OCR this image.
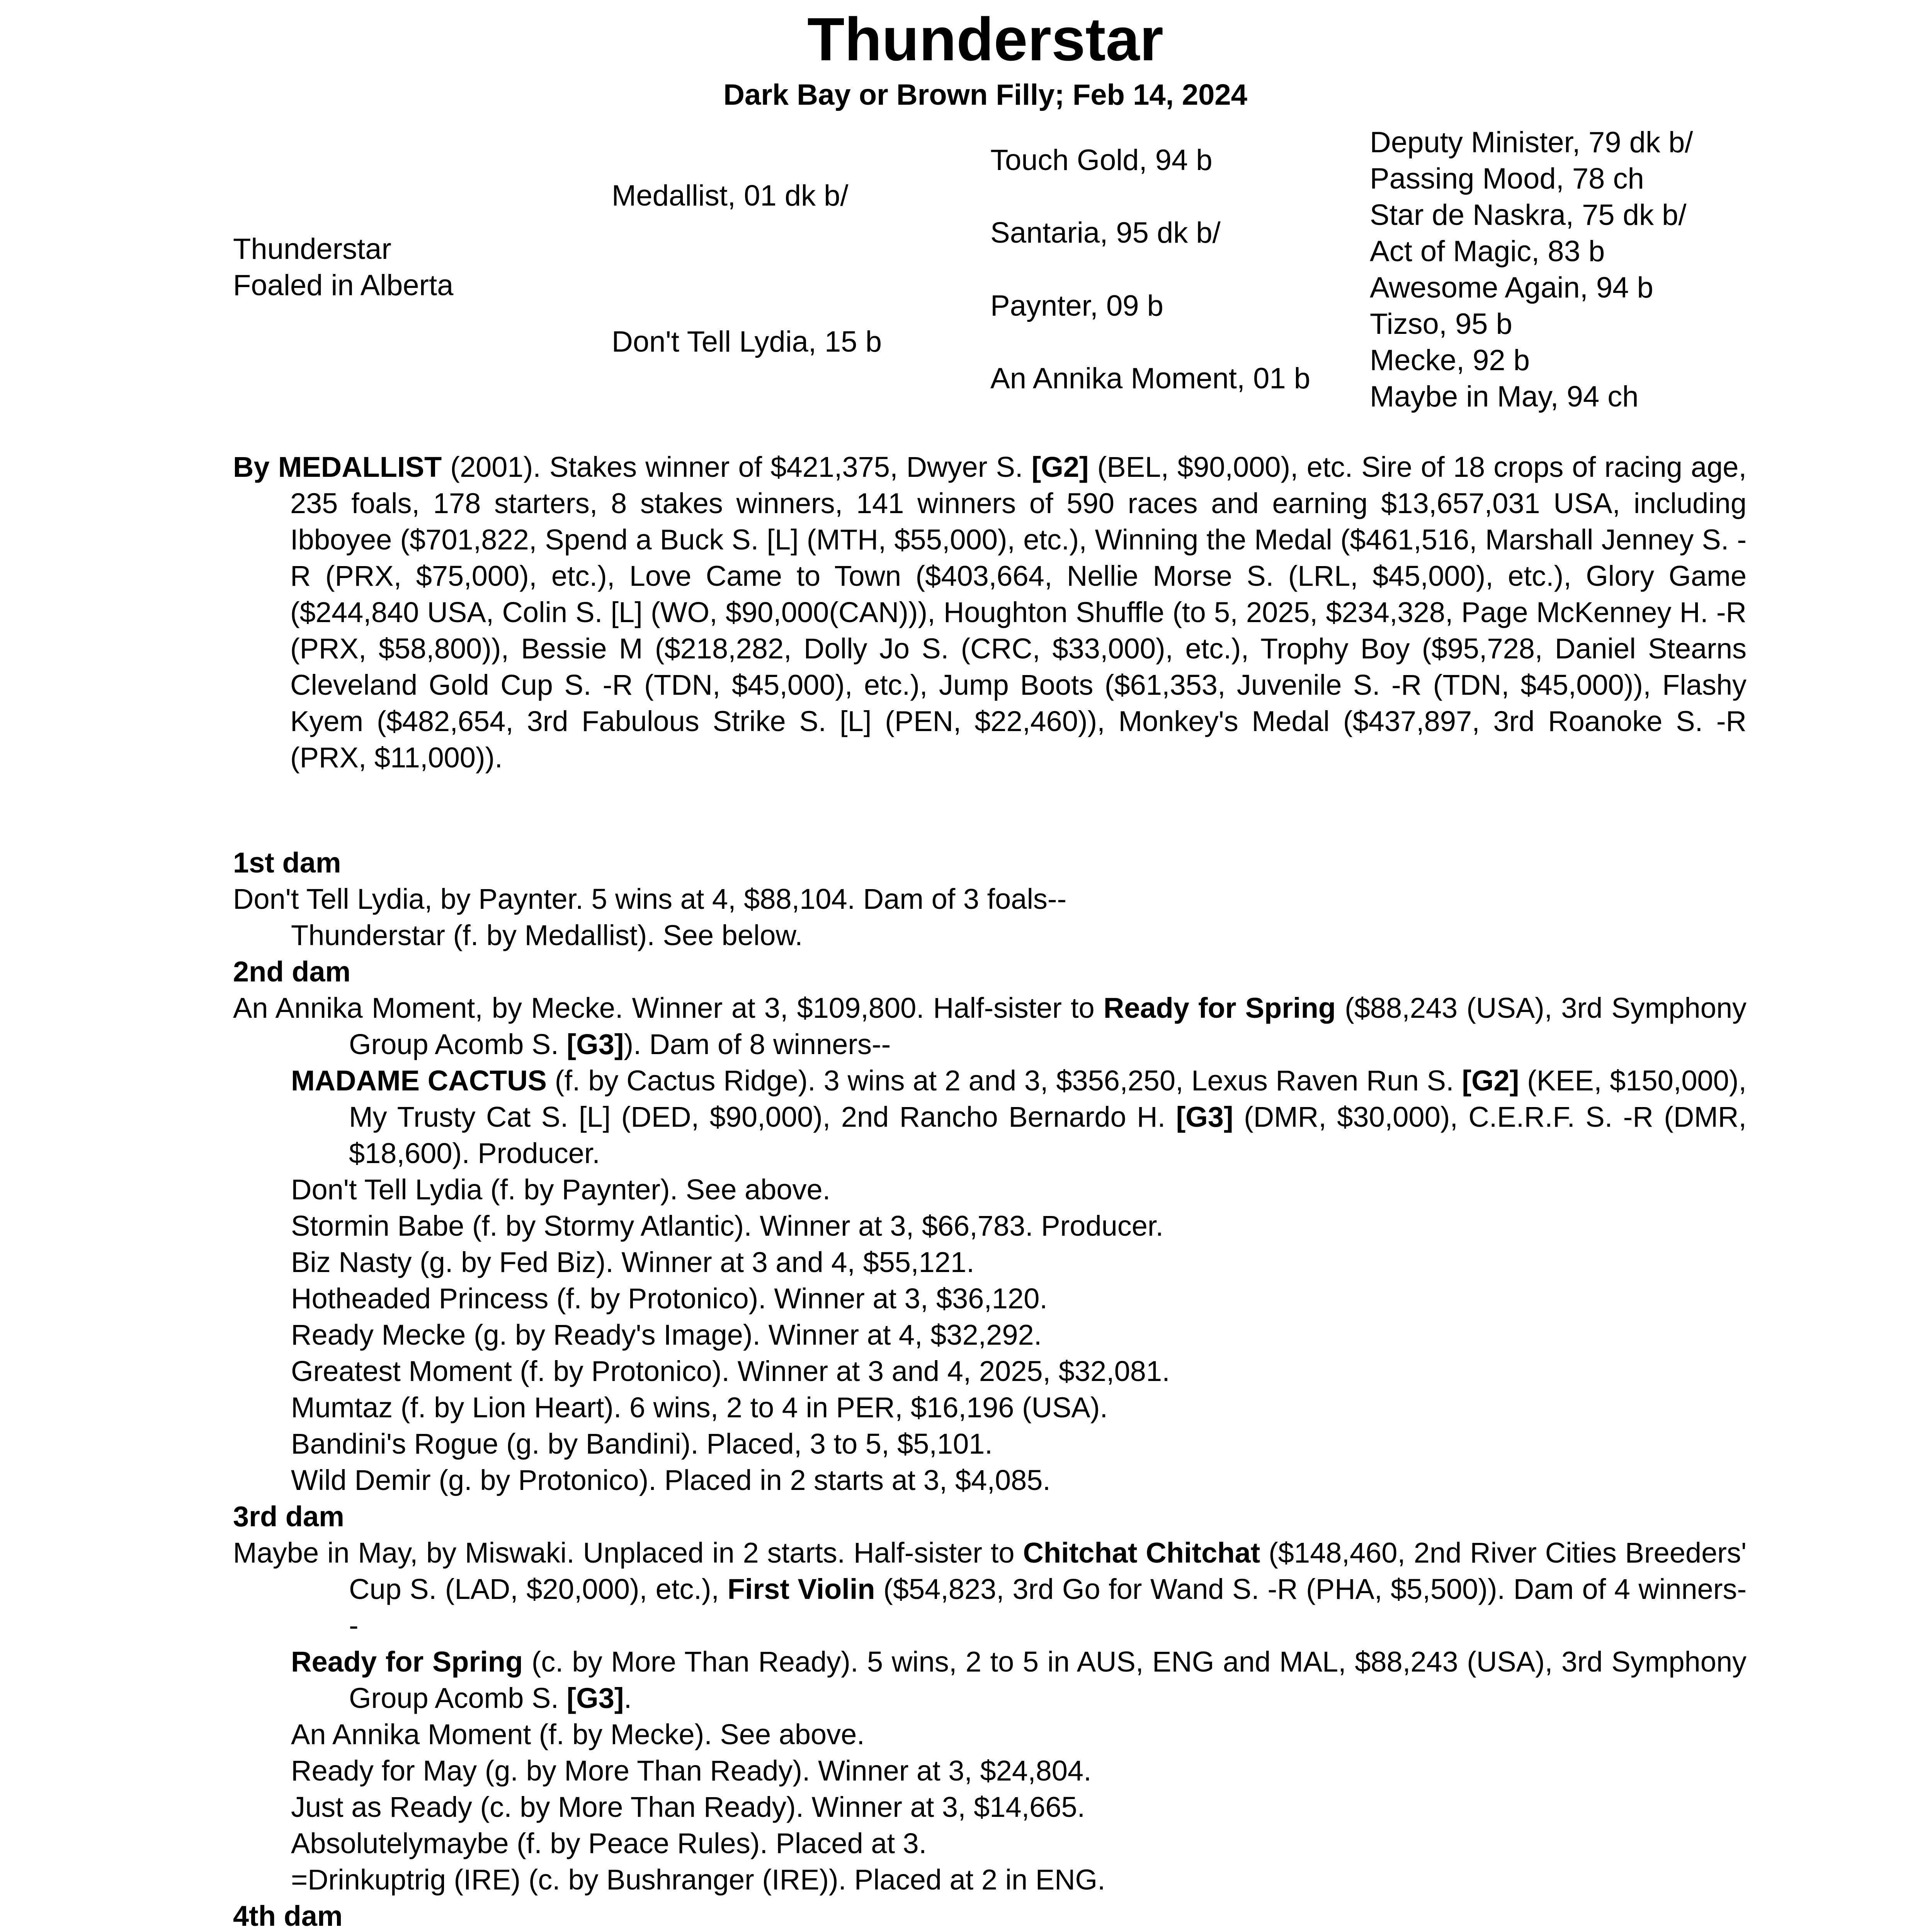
Thunderstar
Dark Bay or Brown Filly; Feb 14, 2024
Thunderstar
Foaled in Alberta
Medallist, 01 dk b/
Don't Tell Lydia, 15 b
Touch Gold, 94 b
Santaria, 95 dk b/
Paynter, 09 b
An Annika Moment, 01 b
Deputy Minister, 79 dk b/
Passing Mood, 78 ch
Star de Naskra, 75 dk b/
Act of Magic, 83 b
Awesome Again, 94 b
Tizso, 95 b
Mecke, 92 b
Maybe in May, 94 ch

By MEDALLIST (2001). Stakes winner of $421,375, Dwyer S. [G2] (BEL, $90,000), etc. Sire of 18 crops of racing age, 235 foals, 178 starters, 8 stakes winners, 141 winners of 590 races and earning $13,657,031 USA, including Ibboyee ($701,822, Spend a Buck S. [L] (MTH, $55,000), etc.), Winning the Medal ($461,516, Marshall Jenney S. -R (PRX, $75,000), etc.), Love Came to Town ($403,664, Nellie Morse S. (LRL, $45,000), etc.), Glory Game ($244,840 USA, Colin S. [L] (WO, $90,000(CAN))), Houghton Shuffle (to 5, 2025, $234,328, Page McKenney H. -R (PRX, $58,800)), Bessie M ($218,282, Dolly Jo S. (CRC, $33,000), etc.), Trophy Boy ($95,728, Daniel Stearns Cleveland Gold Cup S. -R (TDN, $45,000), etc.), Jump Boots ($61,353, Juvenile S. -R (TDN, $45,000)), Flashy Kyem ($482,654, 3rd Fabulous Strike S. [L] (PEN, $22,460)), Monkey's Medal ($437,897, 3rd Roanoke S. -R (PRX, $11,000)).

1st dam

Don't Tell Lydia, by Paynter. 5 wins at 4, $88,104. Dam of 3 foals--

Thunderstar (f. by Medallist). See below.

2nd dam

An Annika Moment, by Mecke. Winner at 3, $109,800. Half-sister to Ready for Spring ($88,243 (USA), 3rd Symphony Group Acomb S. [G3]). Dam of 8 winners--

MADAME CACTUS (f. by Cactus Ridge). 3 wins at 2 and 3, $356,250, Lexus Raven Run S. [G2] (KEE, $150,000), My Trusty Cat S. [L] (DED, $90,000), 2nd Rancho Bernardo H. [G3] (DMR, $30,000), C.E.R.F. S. -R (DMR, $18,600). Producer.

Don't Tell Lydia (f. by Paynter). See above.

Stormin Babe (f. by Stormy Atlantic). Winner at 3, $66,783. Producer.

Biz Nasty (g. by Fed Biz). Winner at 3 and 4, $55,121.

Hotheaded Princess (f. by Protonico). Winner at 3, $36,120.

Ready Mecke (g. by Ready's Image). Winner at 4, $32,292.

Greatest Moment (f. by Protonico). Winner at 3 and 4, 2025, $32,081.

Mumtaz (f. by Lion Heart). 6 wins, 2 to 4 in PER, $16,196 (USA).

Bandini's Rogue (g. by Bandini). Placed, 3 to 5, $5,101.

Wild Demir (g. by Protonico). Placed in 2 starts at 3, $4,085.

3rd dam

Maybe in May, by Miswaki. Unplaced in 2 starts. Half-sister to Chitchat Chitchat ($148,460, 2nd River Cities Breeders' Cup S. (LAD, $20,000), etc.), First Violin ($54,823, 3rd Go for Wand S. -R (PHA, $5,500)). Dam of 4 winners--

Ready for Spring (c. by More Than Ready). 5 wins, 2 to 5 in AUS, ENG and MAL, $88,243 (USA), 3rd Symphony Group Acomb S. [G3].

An Annika Moment (f. by Mecke). See above.

Ready for May (g. by More Than Ready). Winner at 3, $24,804.

Just as Ready (c. by More Than Ready). Winner at 3, $14,665.

Absolutelymaybe (f. by Peace Rules). Placed at 3.

=Drinkuptrig (IRE) (c. by Bushranger (IRE)). Placed at 2 in ENG.

4th dam
